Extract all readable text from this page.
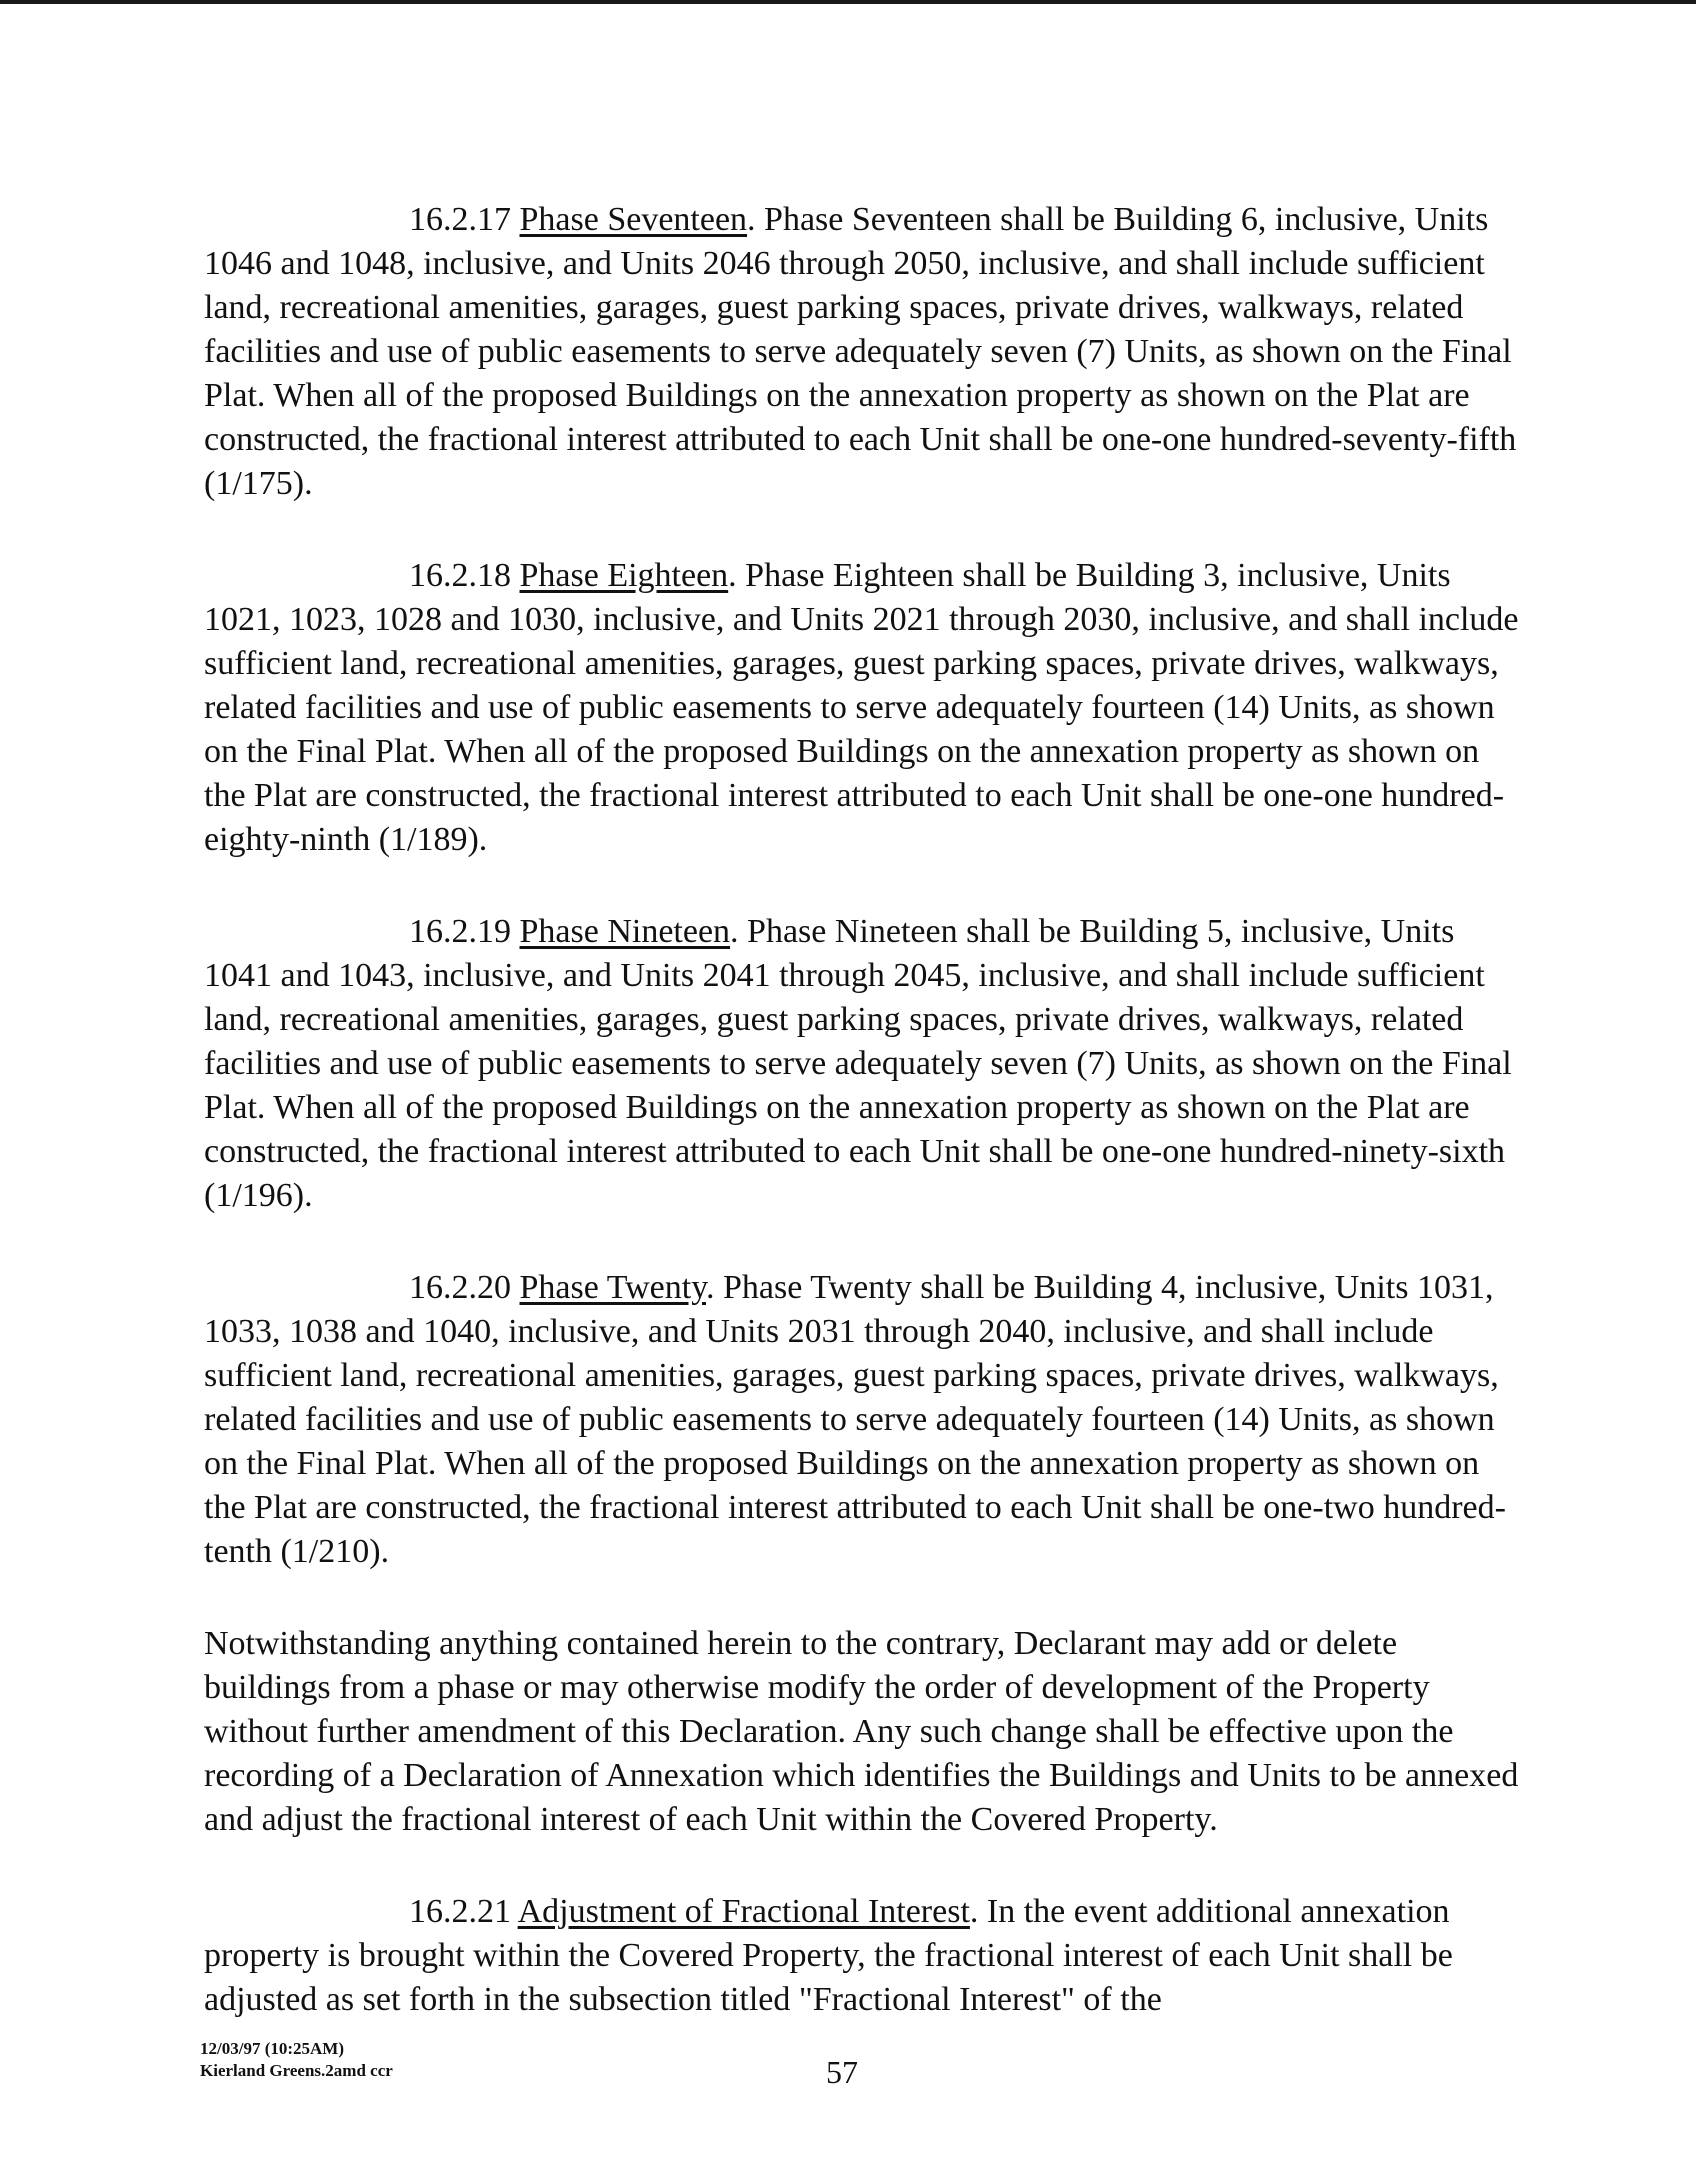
16.2.17 Phase Seventeen. Phase Seventeen shall be Building 6, inclusive, Units 1046 and 1048, inclusive, and Units 2046 through 2050, inclusive, and shall include sufficient land, recreational amenities, garages, guest parking spaces, private drives, walkways, related facilities and use of public easements to serve adequately seven (7) Units, as shown on the Final Plat. When all of the proposed Buildings on the annexation property as shown on the Plat are constructed, the fractional interest attributed to each Unit shall be one-one hundred-seventy-fifth (1/175).

16.2.18 Phase Eighteen. Phase Eighteen shall be Building 3, inclusive, Units 1021, 1023, 1028 and 1030, inclusive, and Units 2021 through 2030, inclusive, and shall include sufficient land, recreational amenities, garages, guest parking spaces, private drives, walkways, related facilities and use of public easements to serve adequately fourteen (14) Units, as shown on the Final Plat. When all of the proposed Buildings on the annexation property as shown on the Plat are constructed, the fractional interest attributed to each Unit shall be one-one hundred-eighty-ninth (1/189).

16.2.19 Phase Nineteen. Phase Nineteen shall be Building 5, inclusive, Units 1041 and 1043, inclusive, and Units 2041 through 2045, inclusive, and shall include sufficient land, recreational amenities, garages, guest parking spaces, private drives, walkways, related facilities and use of public easements to serve adequately seven (7) Units, as shown on the Final Plat. When all of the proposed Buildings on the annexation property as shown on the Plat are constructed, the fractional interest attributed to each Unit shall be one-one hundred-ninety-sixth (1/196).

16.2.20 Phase Twenty. Phase Twenty shall be Building 4, inclusive, Units 1031, 1033, 1038 and 1040, inclusive, and Units 2031 through 2040, inclusive, and shall include sufficient land, recreational amenities, garages, guest parking spaces, private drives, walkways, related facilities and use of public easements to serve adequately fourteen (14) Units, as shown on the Final Plat. When all of the proposed Buildings on the annexation property as shown on the Plat are constructed, the fractional interest attributed to each Unit shall be one-two hundred-tenth (1/210).

Notwithstanding anything contained herein to the contrary, Declarant may add or delete buildings from a phase or may otherwise modify the order of development of the Property without further amendment of this Declaration. Any such change shall be effective upon the recording of a Declaration of Annexation which identifies the Buildings and Units to be annexed and adjust the fractional interest of each Unit within the Covered Property.

16.2.21 Adjustment of Fractional Interest. In the event additional annexation property is brought within the Covered Property, the fractional interest of each Unit shall be adjusted as set forth in the subsection titled "Fractional Interest" of the

12/03/97 (10:25AM)
Kierland Greens.2amd ccr	57
